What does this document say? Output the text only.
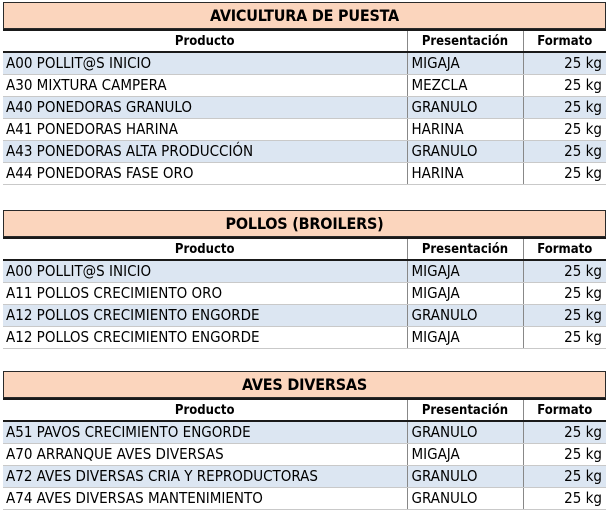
AVICULTURA DE PUESTA
Producto	Presentación	Formato
A00 POLLIT@S INICIO	MIGAJA	25 kg
A30 MIXTURA CAMPERA	MEZCLA	25 kg
A40 PONEDORAS GRANULO	GRANULO	25 kg
A41 PONEDORAS HARINA	HARINA	25 kg
A43 PONEDORAS ALTA PRODUCCIÓN	GRANULO	25 kg
A44 PONEDORAS FASE ORO	HARINA	25 kg
POLLOS (BROILERS)
Producto	Presentación	Formato
A00 POLLIT@S INICIO	MIGAJA	25 kg
A11 POLLOS CRECIMIENTO ORO	MIGAJA	25 kg
A12 POLLOS CRECIMIENTO ENGORDE	GRANULO	25 kg
A12 POLLOS CRECIMIENTO ENGORDE	MIGAJA	25 kg
AVES DIVERSAS
Producto	Presentación	Formato
A51 PAVOS CRECIMIENTO ENGORDE	GRANULO	25 kg
A70 ARRANQUE AVES DIVERSAS	MIGAJA	25 kg
A72 AVES DIVERSAS CRIA Y REPRODUCTORAS	GRANULO	25 kg
A74 AVES DIVERSAS MANTENIMIENTO	GRANULO	25 kg
